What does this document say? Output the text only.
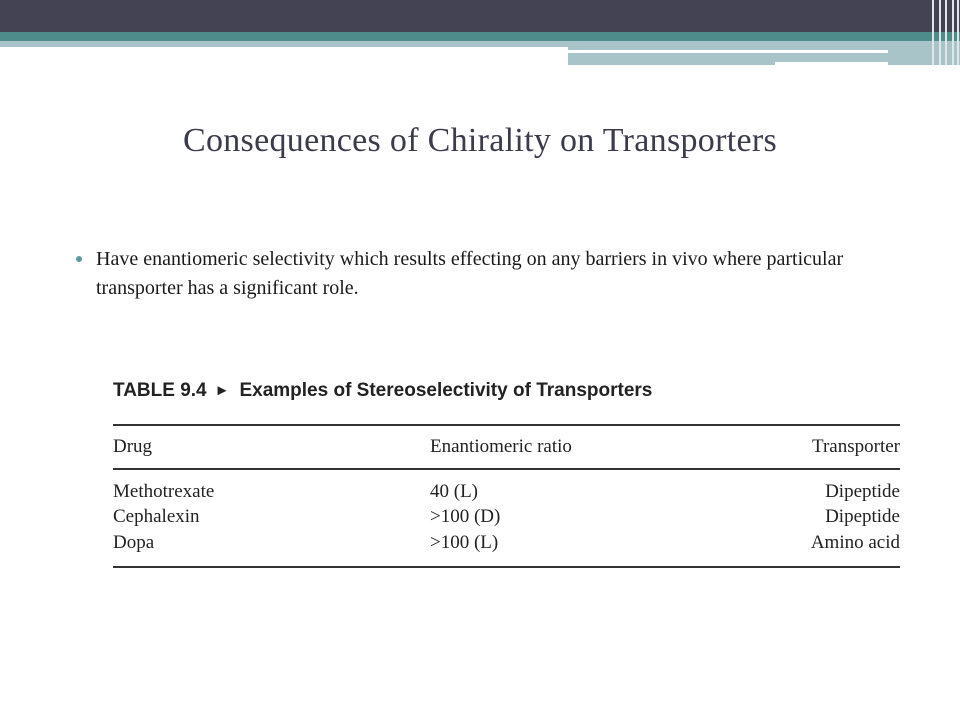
Consequences of Chirality on Transporters
Have enantiomeric selectivity which results effecting on any barriers in vivo where particular transporter has a significant role.
TABLE 9.4 ► Examples of Stereoselectivity of Transporters
Drug	Enantiomeric ratio	Transporter
Methotrexate	40 (L)	Dipeptide
Cephalexin	>100 (D)	Dipeptide
Dopa	>100 (L)	Amino acid
